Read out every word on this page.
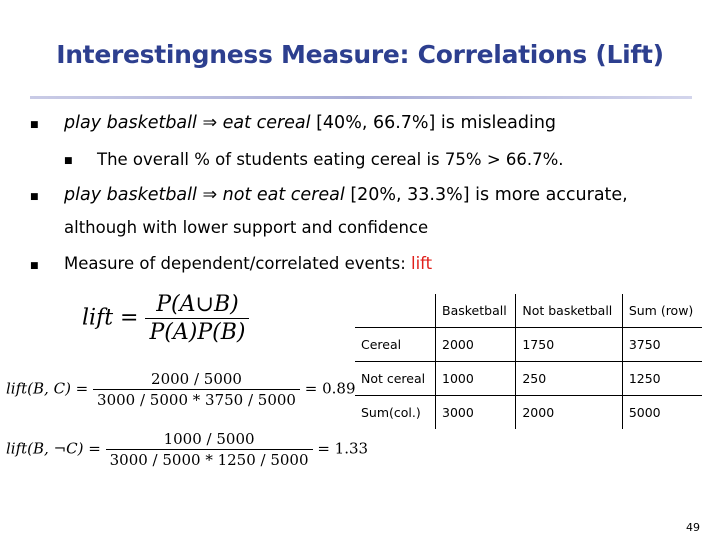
Interestingness Measure: Correlations (Lift)
■ play basketball ⇒ eat cereal [40%, 66.7%] is misleading
■ The overall % of students eating cereal is 75% > 66.7%.
■ play basketball ⇒ not eat cereal [20%, 33.3%] is more accurate,
although with lower support and confidence
■ Measure of dependent/correlated events: lift
lift = $\frac{P(A\cup B)}{P(A)P(B)}$
lift(B, $C) = \frac{2000 / 5000}{3000 / 5000 * 3750 / 5000} = 0.89$
lift(B, ¬C) = $\frac{1000 / 5000}{3000 / 5000 * 1250 / 5000} = 1.33$
	Basketball	Not basketball	Sum (row)
Cereal	2000	1750	3750
Not cereal	1000	250	1250
Sum(col.)	3000	2000	5000
49
